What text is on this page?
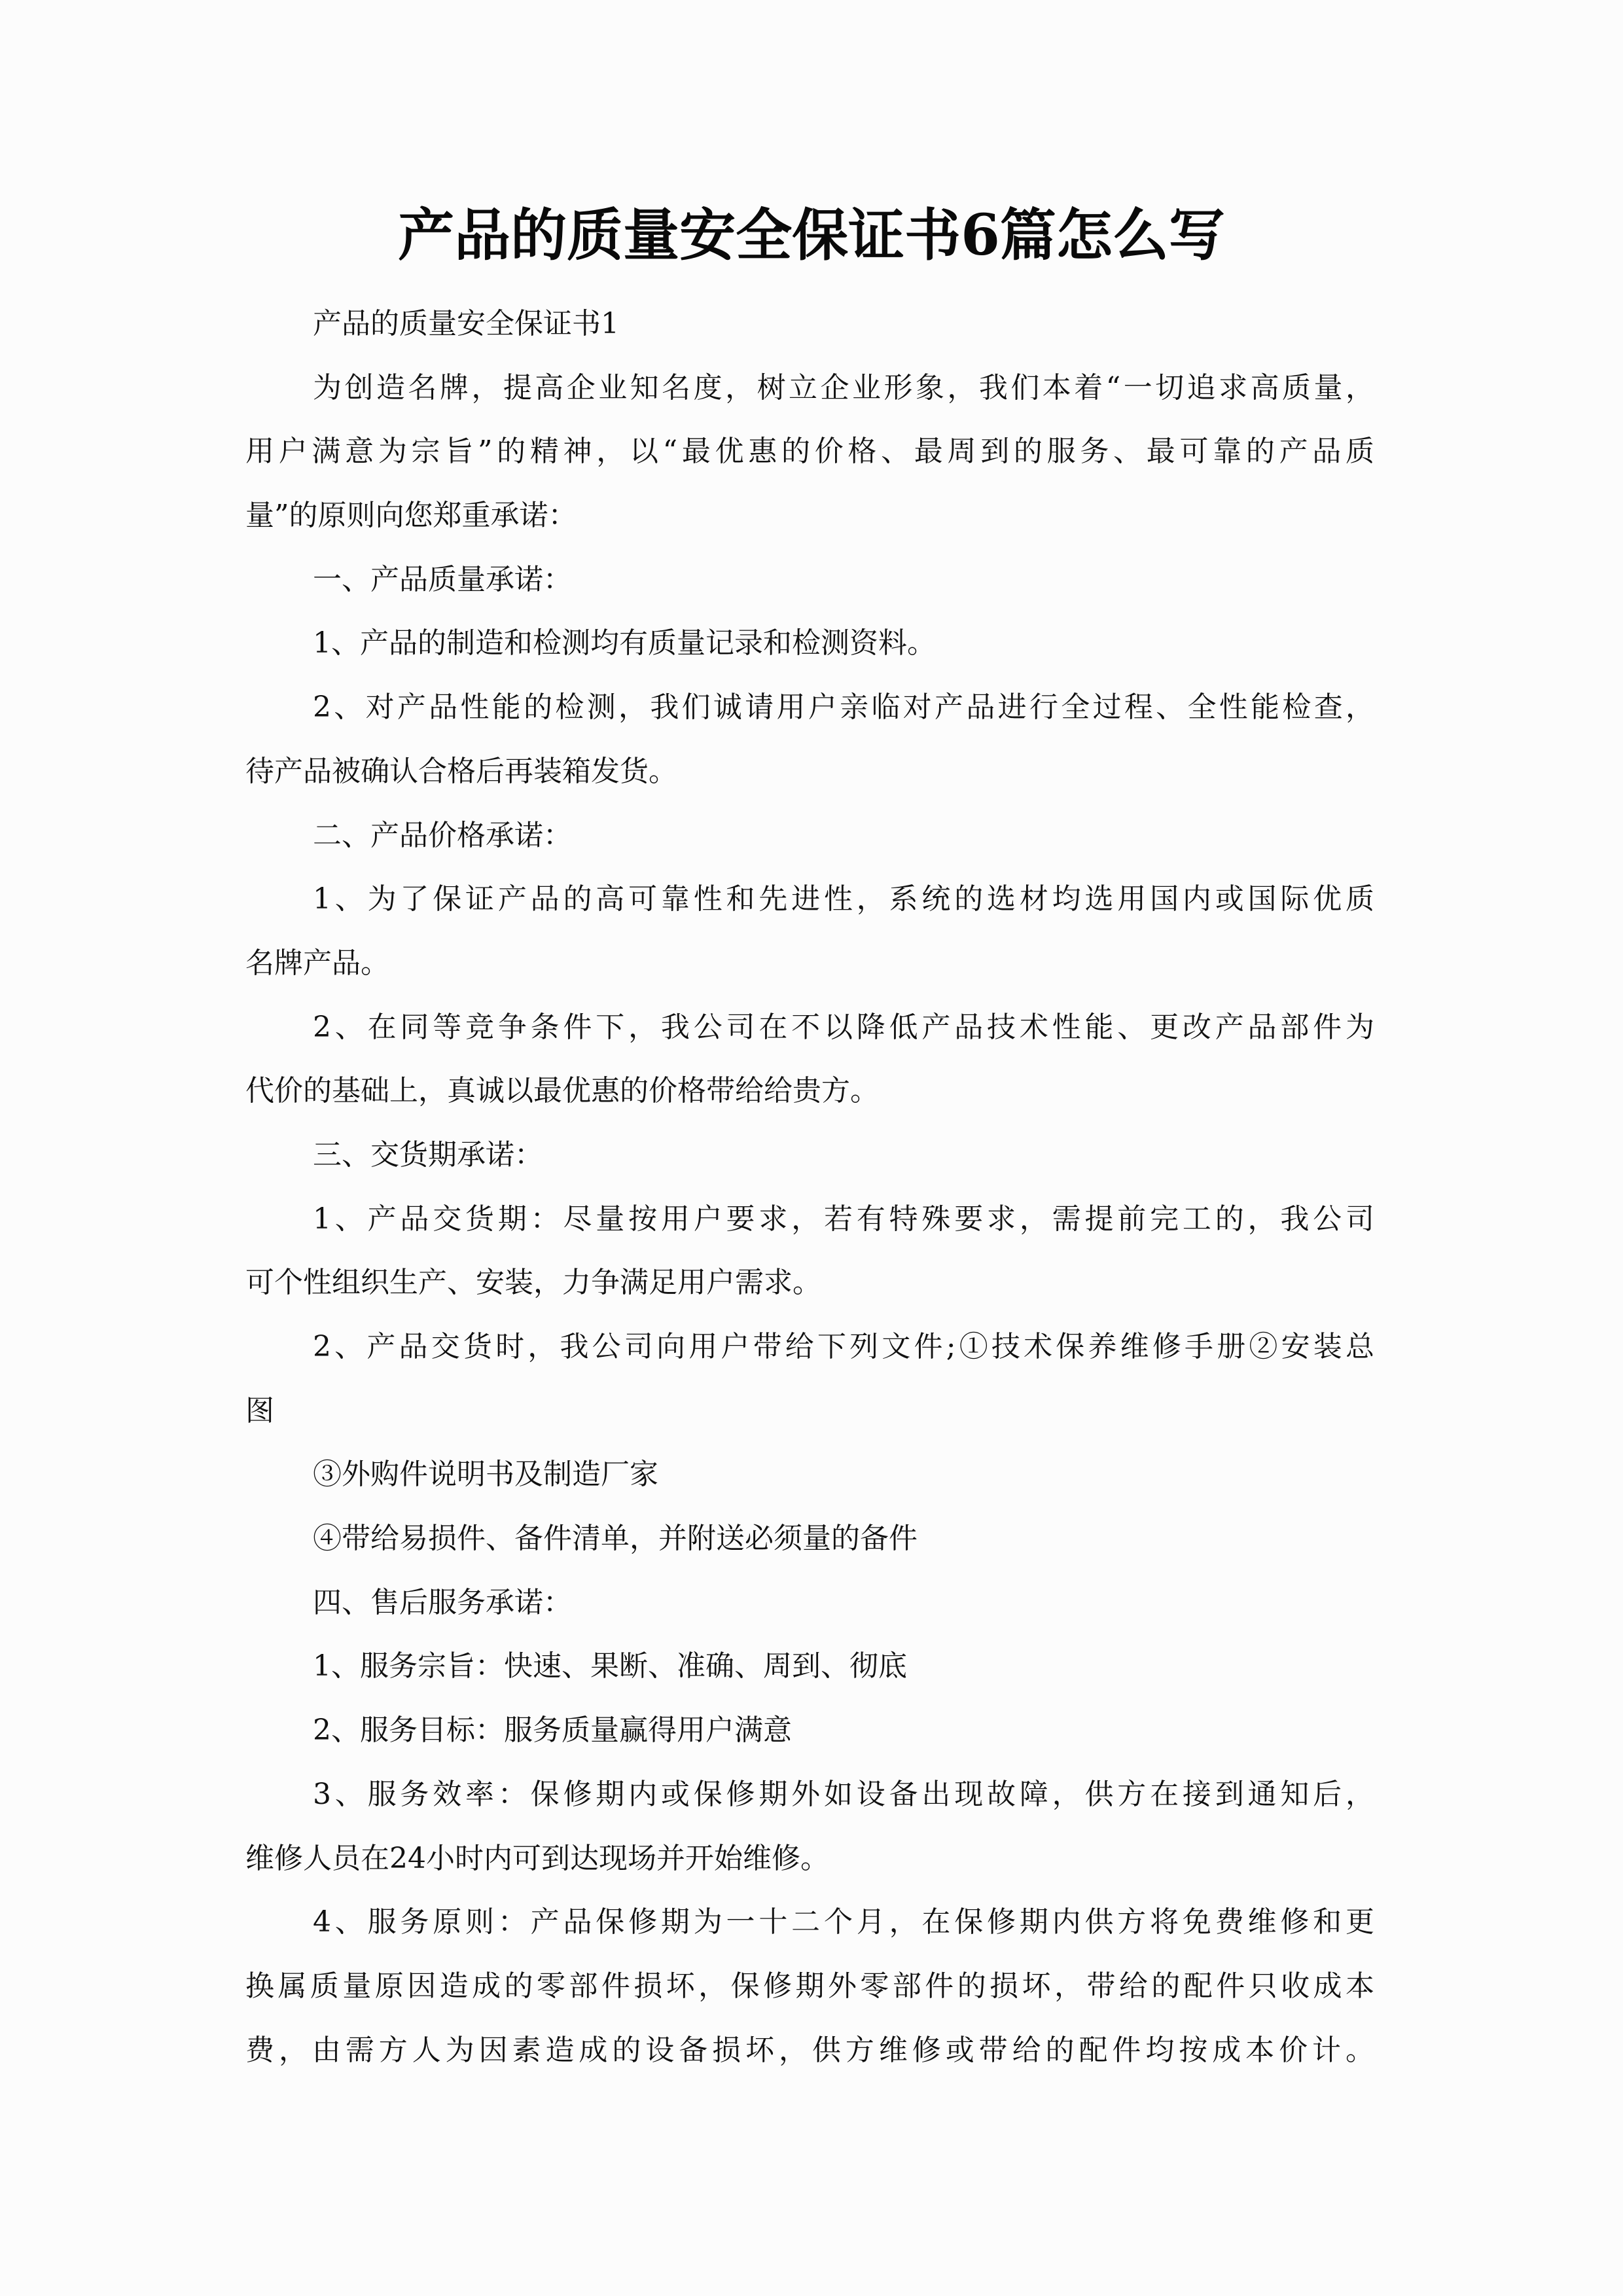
产品的质量安全保证书6篇怎么写
产品的质量安全保证书1
为创造名牌，提高企业知名度，树立企业形象，我们本着“一切追求高质量，
用户满意为宗旨”的精神，以“最优惠的价格、最周到的服务、最可靠的产品质
量”的原则向您郑重承诺：
一、产品质量承诺：
1、产品的制造和检测均有质量记录和检测资料。
2、对产品性能的检测，我们诚请用户亲临对产品进行全过程、全性能检查，
待产品被确认合格后再装箱发货。
二、产品价格承诺：
1、为了保证产品的高可靠性和先进性，系统的选材均选用国内或国际优质
名牌产品。
2、在同等竞争条件下，我公司在不以降低产品技术性能、更改产品部件为
代价的基础上，真诚以最优惠的价格带给给贵方。
三、交货期承诺：
1、产品交货期：尽量按用户要求，若有特殊要求，需提前完工的，我公司
可个性组织生产、安装，力争满足用户需求。
2、产品交货时，我公司向用户带给下列文件;①技术保养维修手册②安装总
图
③外购件说明书及制造厂家
④带给易损件、备件清单，并附送必须量的备件
四、售后服务承诺：
1、服务宗旨：快速、果断、准确、周到、彻底
2、服务目标：服务质量赢得用户满意
3、服务效率：保修期内或保修期外如设备出现故障，供方在接到通知后，
维修人员在24小时内可到达现场并开始维修。
4、服务原则：产品保修期为一十二个月，在保修期内供方将免费维修和更
换属质量原因造成的零部件损坏，保修期外零部件的损坏，带给的配件只收成本
费，由需方人为因素造成的设备损坏，供方维修或带给的配件均按成本价计。
